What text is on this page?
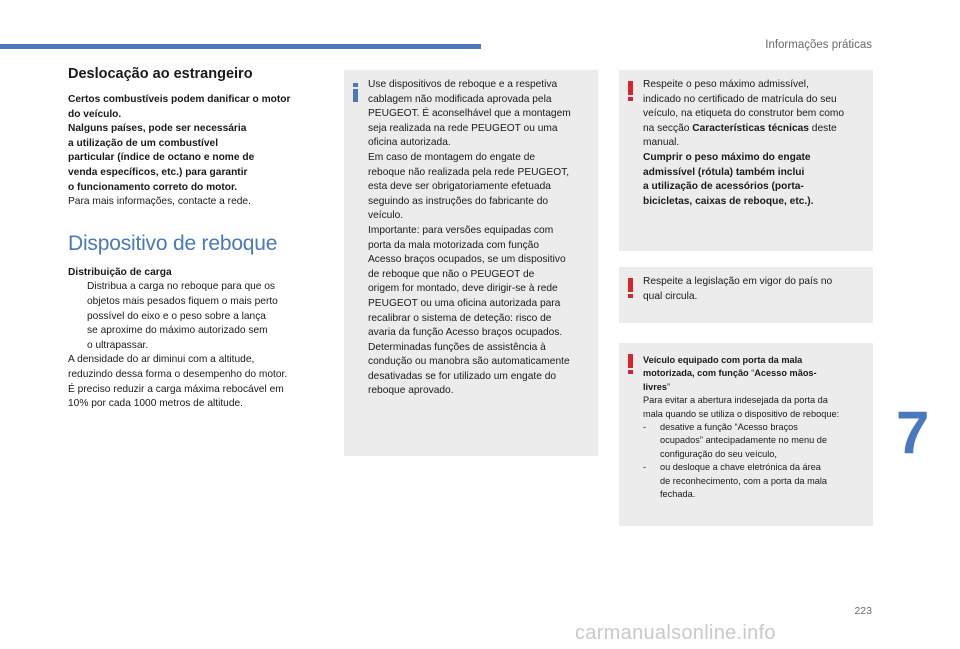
Informações práticas
Deslocação ao estrangeiro
Certos combustíveis podem danificar o motor
do veículo.
Nalguns países, pode ser necessária
a utilização de um combustível
particular (índice de octano e nome de
venda específicos, etc.) para garantir
o funcionamento correto do motor.
Para mais informações, contacte a rede.
Dispositivo de reboque
Distribuição de carga
Distribua a carga no reboque para que os
objetos mais pesados fiquem o mais perto
possível do eixo e o peso sobre a lança
se aproxime do máximo autorizado sem
o ultrapassar.
A densidade do ar diminui com a altitude,
reduzindo dessa forma o desempenho do motor.
É preciso reduzir a carga máxima rebocável em
10% por cada 1000 metros de altitude.
Use dispositivos de reboque e a respetiva
cablagem não modificada aprovada pela
PEUGEOT. É aconselhável que a montagem
seja realizada na rede PEUGEOT ou uma
oficina autorizada.
Em caso de montagem do engate de
reboque não realizada pela rede PEUGEOT,
esta deve ser obrigatoriamente efetuada
seguindo as instruções do fabricante do
veículo.
Importante: para versões equipadas com
porta da mala motorizada com função
Acesso braços ocupados, se um dispositivo
de reboque que não o PEUGEOT de
origem for montado, deve dirigir-se à rede
PEUGEOT ou uma oficina autorizada para
recalibrar o sistema de deteção: risco de
avaria da função Acesso braços ocupados.
Determinadas funções de assistência à
condução ou manobra são automaticamente
desativadas se for utilizado um engate do
reboque aprovado.
Respeite o peso máximo admissível,
indicado no certificado de matrícula do seu
veículo, na etiqueta do construtor bem como
na secção Características técnicas deste
manual.
Cumprir o peso máximo do engate
admissível (rótula) também inclui
a utilização de acessórios (porta-
bicicletas, caixas de reboque, etc.).
Respeite a legislação em vigor do país no
qual circula.
Veículo equipado com porta da mala
motorizada, com função “Acesso mãos-
livres”
Para evitar a abertura indesejada da porta da
mala quando se utiliza o dispositivo de reboque:
- desative a função “Acesso braços
ocupados” antecipadamente no menu de
configuração do seu veículo,
- ou desloque a chave eletrónica da área
de reconhecimento, com a porta da mala
fechada.
7
223
carmanualsonline.info
